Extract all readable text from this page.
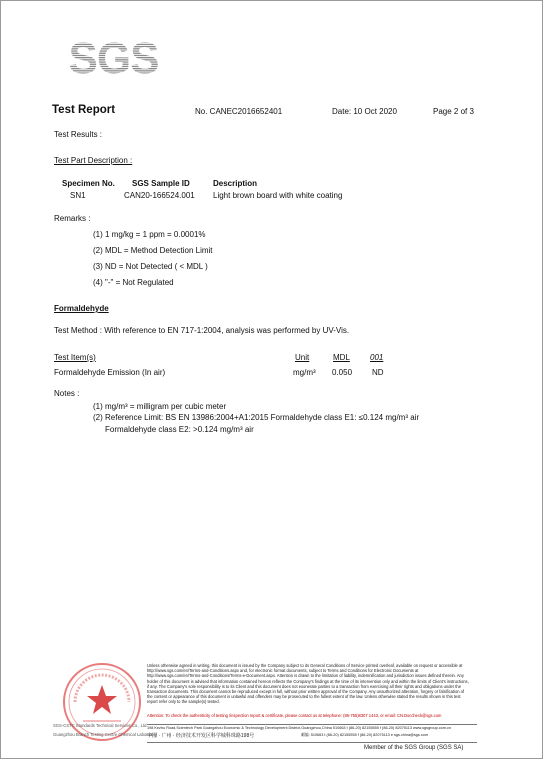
SGS
Test Report	No. CANEC2016652401	Date: 10 Oct 2020	Page 2 of 3
Test Results :
Test Part Description :
Specimen No. SGS Sample ID	Description
SN1	CAN20-166524.001 Light brown board with white coating
Remarks :
(1) 1 mg/kg = 1 ppm = 0.0001%
(2) MDL = Method Detection Limit
(3) ND = Not Detected ( < MDL )
(4) "-" = Not Regulated
Formaldehyde
Test Method : With reference to EN 717-1:2004, analysis was performed by UV-Vis.
Test Item(s)	Unit	MDL	001
Formaldehyde Emission (In air)	mg/m³ 0.050 ND
Notes :
(1) mg/m³ = milligram per cubic meter
(2) Reference Limit: BS EN 13986:2004+A1:2015 Formaldehyde class E1: ≤0.124 mg/m³ air
Formaldehyde class E2: >0.124 mg/m³ air
SGS-CSTC Standards Technical Services Co., Ltd.
Guangzhou Branch Testing Centre Chemical Laboratory
Unless otherwise agreed in writing, this document is issued by the Company subject to its General Conditions of Service printed overleaf, available on request or accessible at http://www.sgs.com/en/Terms-and-Conditions.aspx and, for electronic format documents, subject to Terms and Conditions for Electronic Documents at http://www.sgs.com/en/Terms-and-Conditions/Terms-e-Document.aspx. Attention is drawn to the limitation of liability, indemnification and jurisdiction issues defined therein. Any holder of this document is advised that information contained hereon reflects the Company's findings at the time of its intervention only and within the limits of Client's instructions, if any. The Company's sole responsibility is to its Client and this document does not exonerate parties to a transaction from exercising all their rights and obligations under the transaction documents. This document cannot be reproduced except in full, without prior written approval of the Company. Any unauthorized alteration, forgery or falsification of the content or appearance of this document is unlawful and offenders may be prosecuted to the fullest extent of the law. Unless otherwise stated the results shown in this test report refer only to the sample(s) tested.
Attention: To check the authenticity of testing /inspection report & certificate, please contact us at telephone: (86-755)8307 1443, or email: CN.Doccheck@sgs.com
198 Kezhu Road,Scientech Park Guangzhou Economic & Technology Development District,Guangzhou,China 510663 t (86-20) 82155555 f (86-20) 82075113 www.sgsgroup.com.cn
中国 · 广州 · 经济技术开发区科学城科珠路198号	邮编: 510663 t (86-20) 82155555 f (86-20) 82075113 e sgs.china@sgs.com
Member of the SGS Group (SGS SA)
